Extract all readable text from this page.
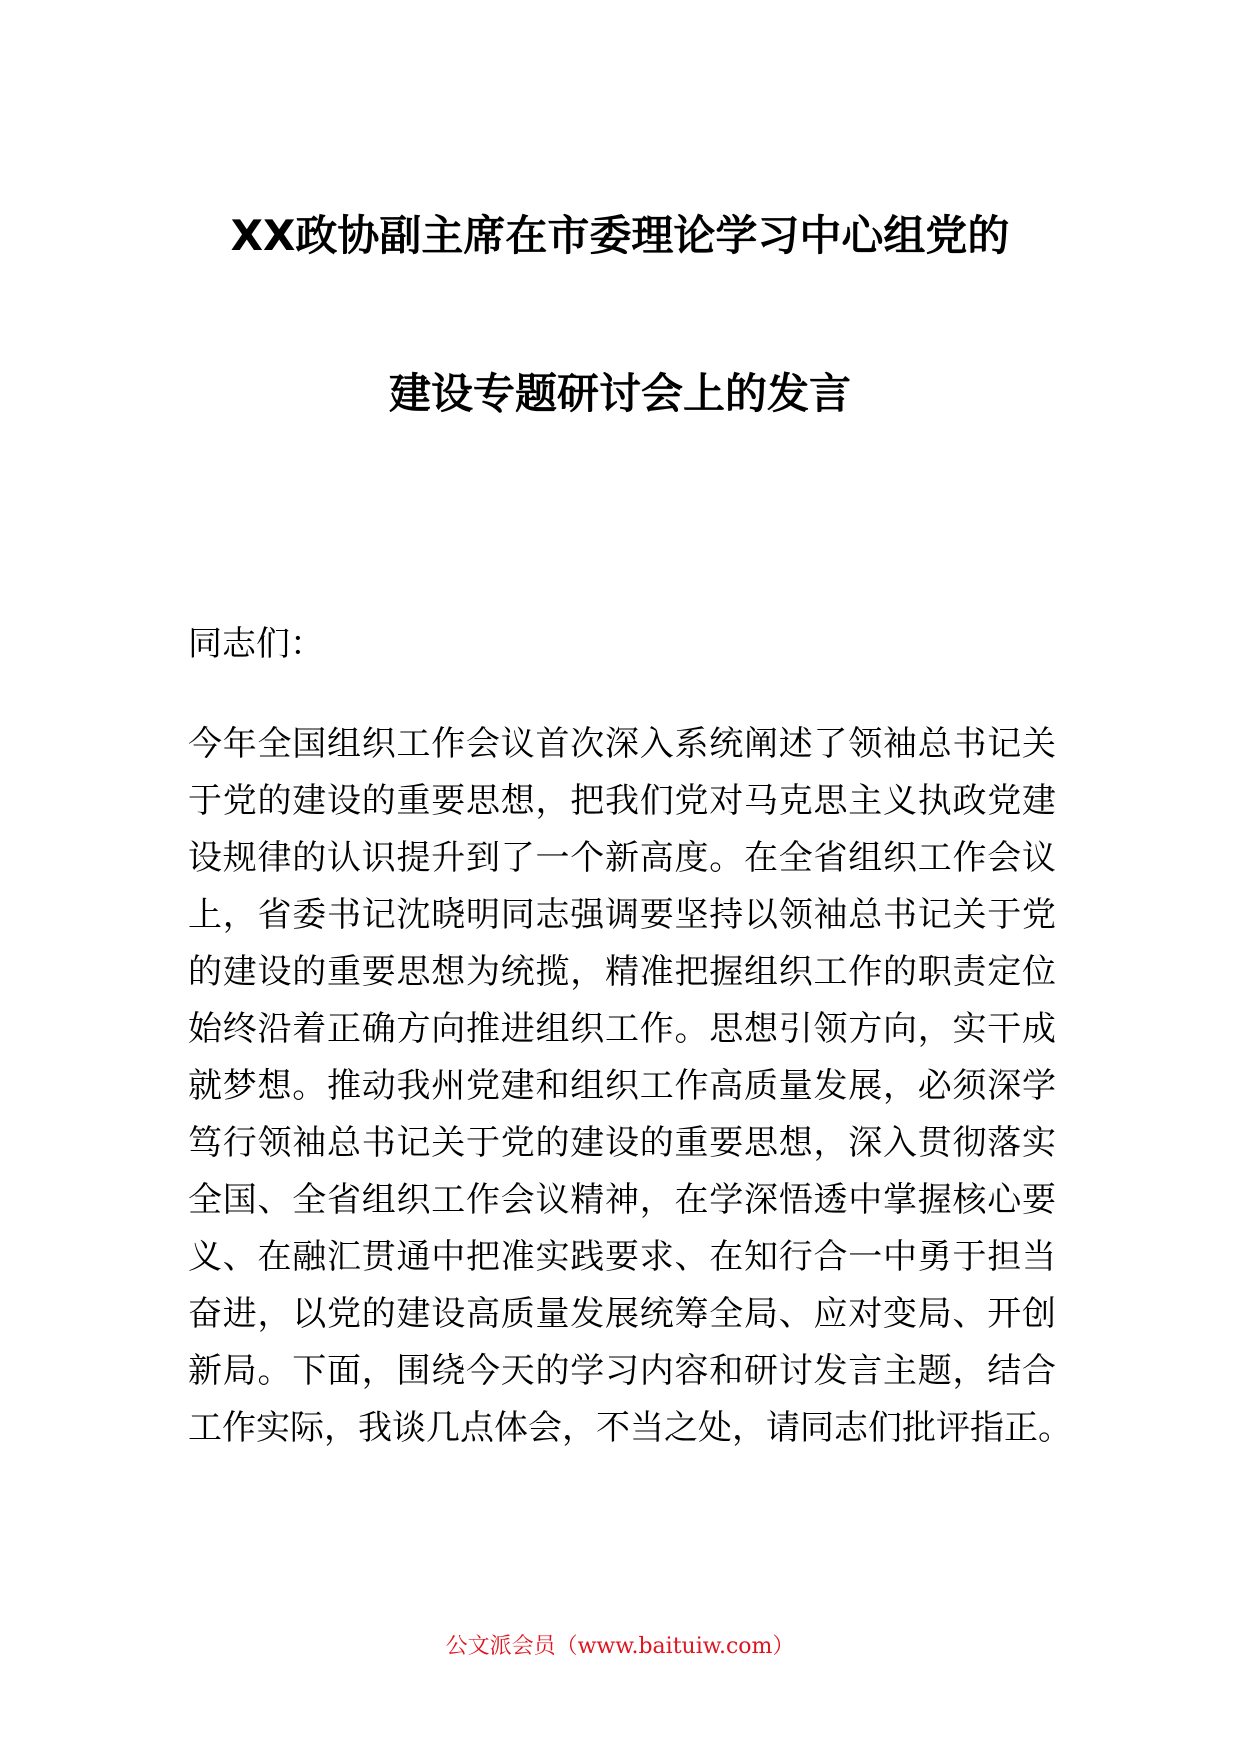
XX政协副主席在市委理论学习中心组党的
建设专题研讨会上的发言
同志们：
今年全国组织工作会议首次深入系统阐述了领袖总书记关
于党的建设的重要思想，把我们党对马克思主义执政党建
设规律的认识提升到了一个新高度。在全省组织工作会议
上，省委书记沈晓明同志强调要坚持以领袖总书记关于党
的建设的重要思想为统揽，精准把握组织工作的职责定位
始终沿着正确方向推进组织工作。思想引领方向，实干成
就梦想。推动我州党建和组织工作高质量发展，必须深学
笃行领袖总书记关于党的建设的重要思想，深入贯彻落实
全国、全省组织工作会议精神，在学深悟透中掌握核心要
义、在融汇贯通中把准实践要求、在知行合一中勇于担当
奋进，以党的建设高质量发展统筹全局、应对变局、开创
新局。下面，围绕今天的学习内容和研讨发言主题，结合
工作实际，我谈几点体会，不当之处，请同志们批评指正。
公文派会员（www.baituiw.com）
